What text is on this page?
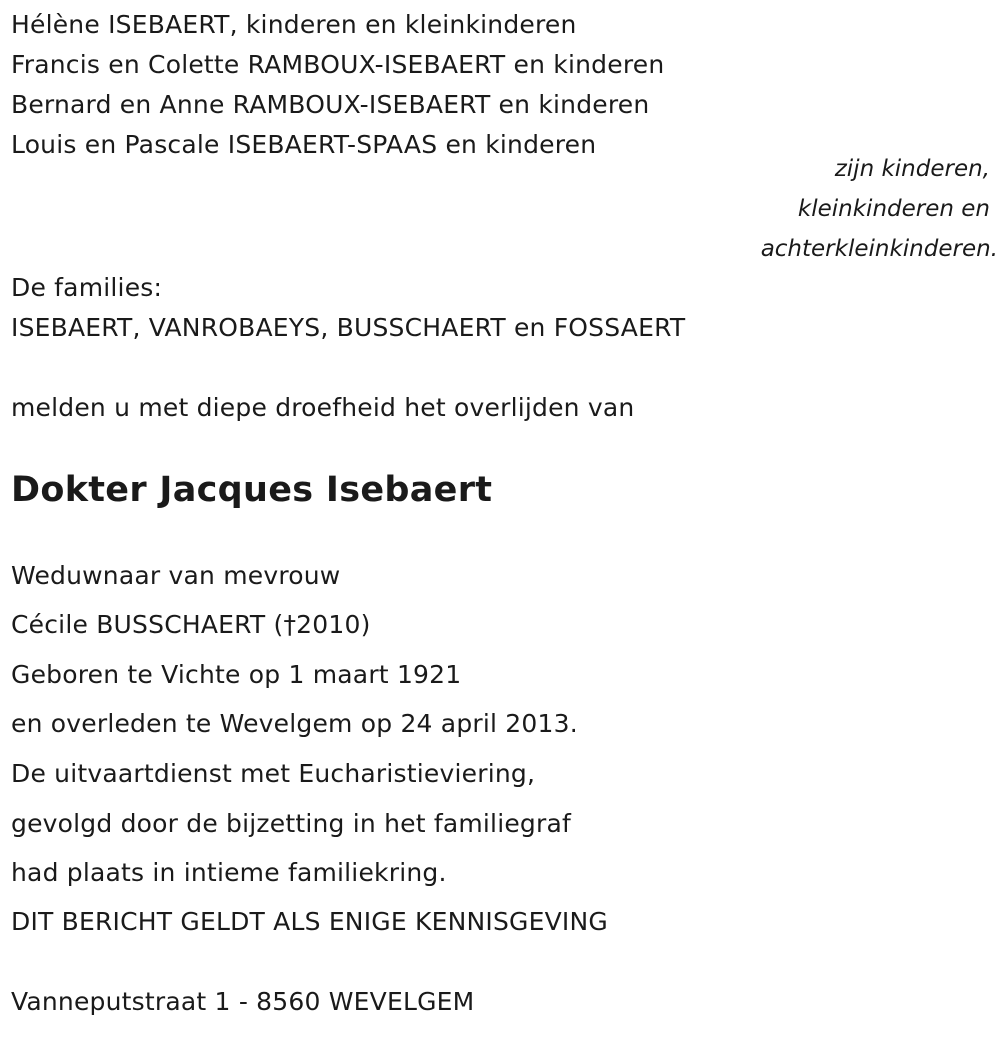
Hélène ISEBAERT, kinderen en kleinkinderen
Francis en Colette RAMBOUX-ISEBAERT en kinderen
Bernard en Anne RAMBOUX-ISEBAERT en kinderen
Louis en Pascale ISEBAERT-SPAAS en kinderen
zijn kinderen,
kleinkinderen en
achterkleinkinderen.
De families:
ISEBAERT, VANROBAEYS, BUSSCHAERT en FOSSAERT
melden u met diepe droefheid het overlijden van
Dokter Jacques Isebaert
Weduwnaar van mevrouw
Cécile BUSSCHAERT (†2010)
Geboren te Vichte op 1 maart 1921
en overleden te Wevelgem op 24 april 2013.
De uitvaartdienst met Eucharistieviering,
gevolgd door de bijzetting in het familiegraf
had plaats in intieme familiekring.
DIT BERICHT GELDT ALS ENIGE KENNISGEVING
Vanneputstraat 1 - 8560 WEVELGEM
